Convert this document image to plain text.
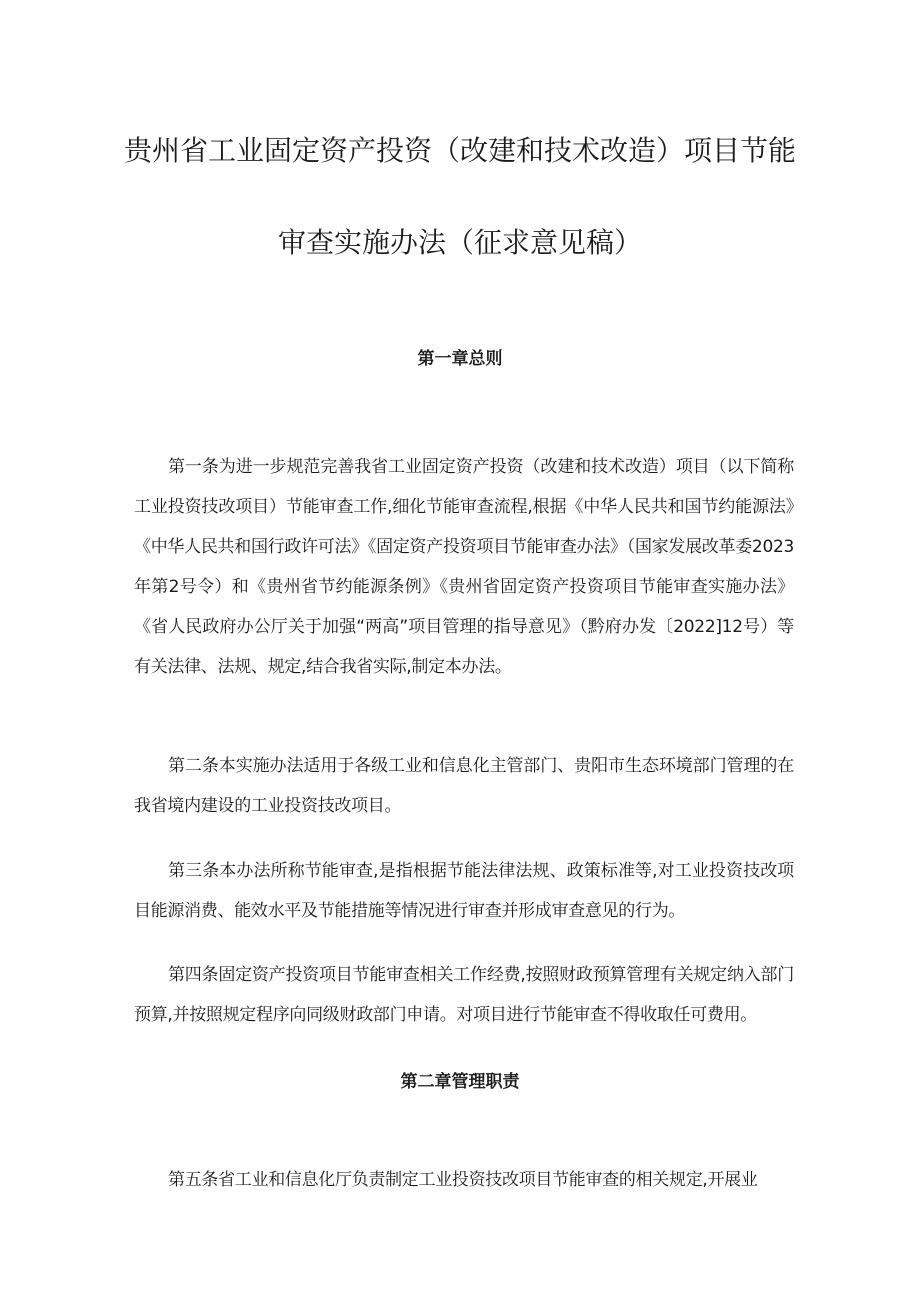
贵州省工业固定资产投资（改建和技术改造）项目节能
审查实施办法（征求意见稿）
第一章总则

第一条为进一步规范完善我省工业固定资产投资（改建和技术改造）项目（以下简称工业投资技改项目）节能审查工作,细化节能审查流程,根据《中华人民共和国节约能源法》《中华人民共和国行政许可法》《固定资产投资项目节能审查办法》（国家发展改革委2023年第2号令）和《贵州省节约能源条例》《贵州省固定资产投资项目节能审查实施办法》《省人民政府办公厅关于加强“两高”项目管理的指导意见》（黔府办发〔2022]12号）等有关法律、法规、规定,结合我省实际,制定本办法。

第二条本实施办法适用于各级工业和信息化主管部门、贵阳市生态环境部门管理的在我省境内建设的工业投资技改项目。

第三条本办法所称节能审查,是指根据节能法律法规、政策标准等,对工业投资技改项目能源消费、能效水平及节能措施等情况进行审查并形成审查意见的行为。

第四条固定资产投资项目节能审查相关工作经费,按照财政预算管理有关规定纳入部门预算,并按照规定程序向同级财政部门申请。对项目进行节能审查不得收取任可费用。

第二章管理职责

第五条省工业和信息化厅负责制定工业投资技改项目节能审查的相关规定,开展业
